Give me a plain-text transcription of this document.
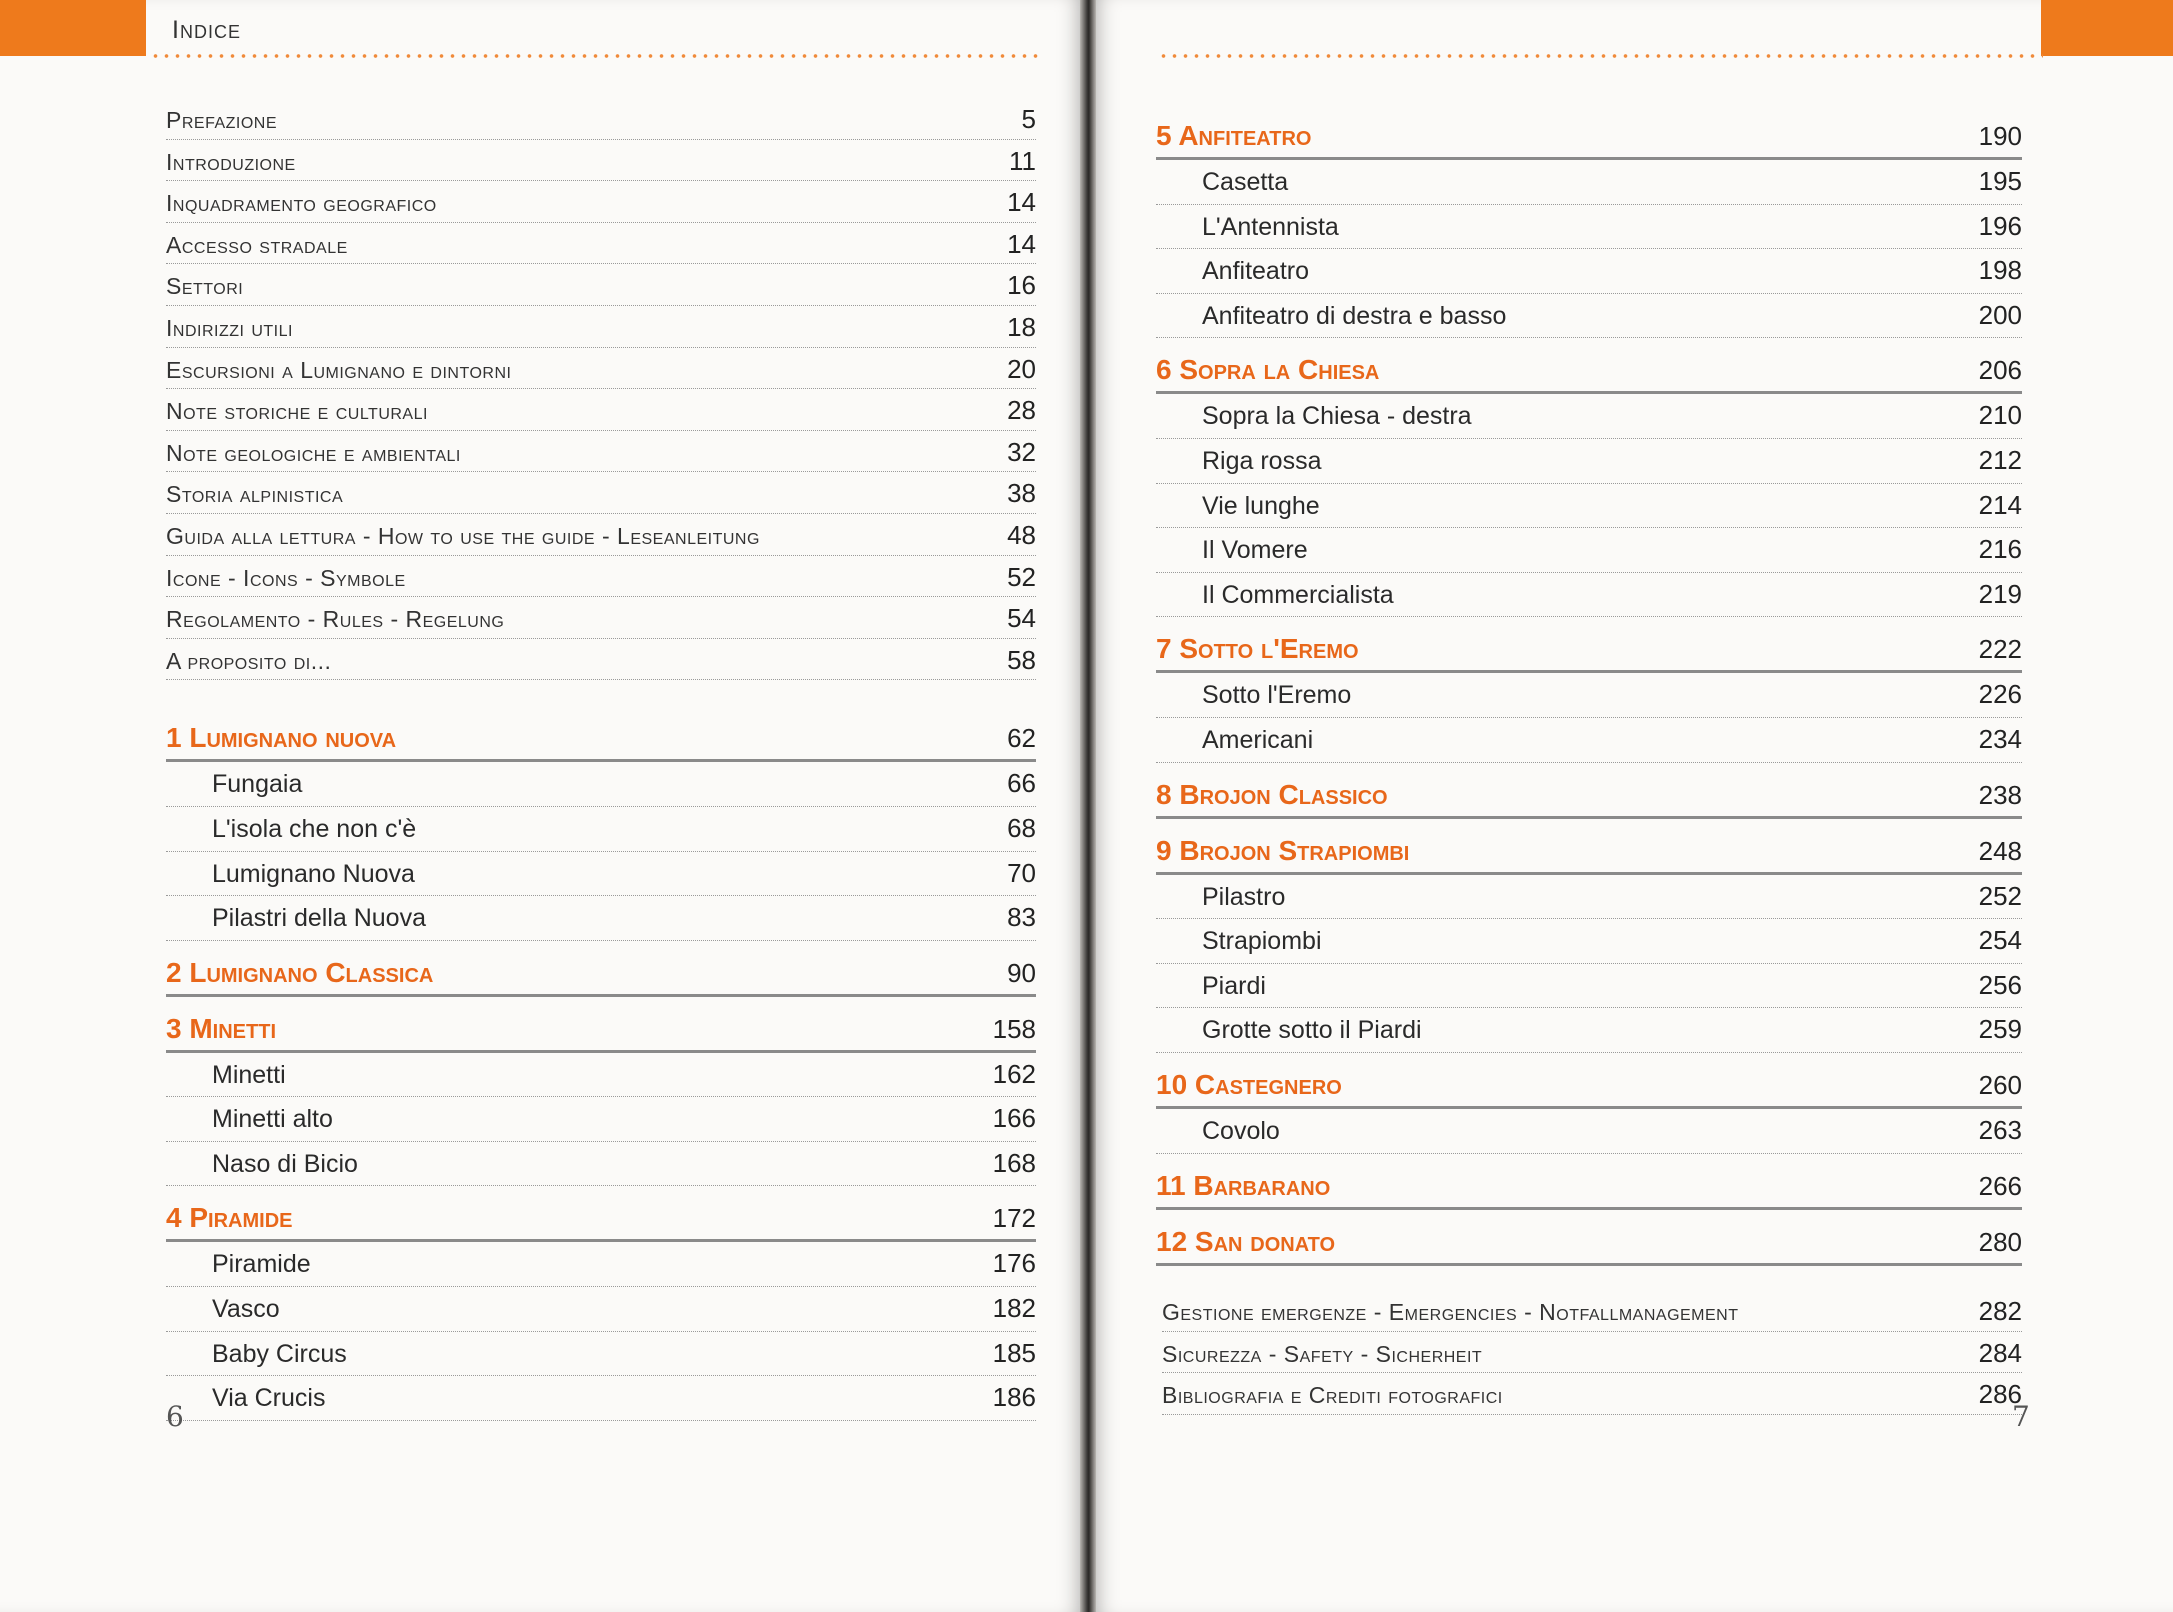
Indice
Prefazione	5
Introduzione	11
Inquadramento geografico	14
Accesso stradale	14
Settori	16
Indirizzi utili	18
Escursioni a Lumignano e dintorni	20
Note storiche e culturali	28
Note geologiche e ambientali	32
Storia alpinistica	38
Guida alla lettura - How to use the guide - Leseanleitung	48
Icone - Icons - Symbole	52
Regolamento - Rules - Regelung	54
A proposito di...	58
1 Lumignano nuova	62
Fungaia	66
L'isola che non c'è	68
Lumignano Nuova	70
Pilastri della Nuova	83
2 Lumignano Classica	90
3 Minetti	158
Minetti	162
Minetti alto	166
Naso di Bicio	168
4 Piramide	172
Piramide	176
Vasco	182
Baby Circus	185
Via Crucis	186
6
5 Anfiteatro	190
Casetta	195
L'Antennista	196
Anfiteatro	198
Anfiteatro di destra e basso	200
6 Sopra la Chiesa	206
Sopra la Chiesa - destra	210
Riga rossa	212
Vie lunghe	214
Il Vomere	216
Il Commercialista	219
7 Sotto l'Eremo	222
Sotto l'Eremo	226
Americani	234
8 Brojon Classico	238
9 Brojon Strapiombi	248
Pilastro	252
Strapiombi	254
Piardi	256
Grotte sotto il Piardi	259
10 Castegnero	260
Covolo	263
11 Barbarano	266
12 San donato	280
Gestione emergenze - Emergencies - Notfallmanagement	282
Sicurezza - Safety - Sicherheit	284
Bibliografia e Crediti fotografici	286
7
